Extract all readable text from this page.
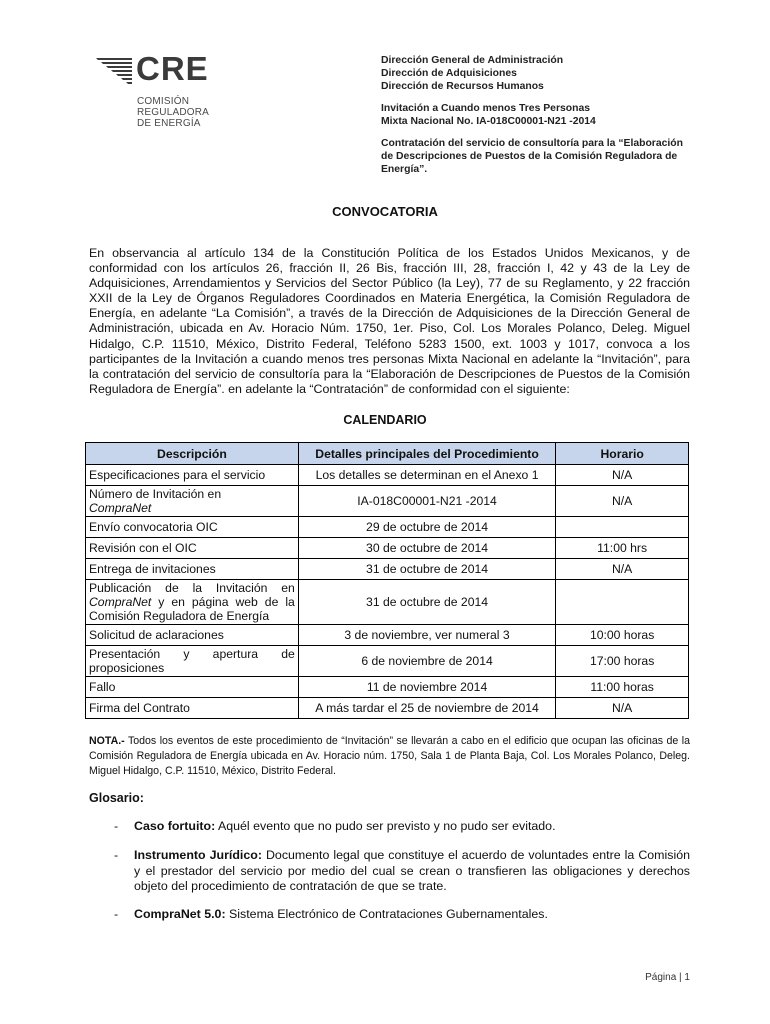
CRE
COMISIÓN
REGULADORA
DE ENERGÍA
Dirección General de Administración
Dirección de Adquisiciones
Dirección de Recursos Humanos
Invitación a Cuando menos Tres Personas
Mixta Nacional No. IA-018C00001-N21 -2014
Contratación del servicio de consultoría para la “Elaboración
de Descripciones de Puestos de la Comisión Reguladora de
Energía”.
CONVOCATORIA
En observancia al artículo 134 de la Constitución Política de los Estados Unidos Mexicanos, y de conformidad con los artículos 26, fracción II, 26 Bis, fracción III, 28, fracción I, 42 y 43 de la Ley de Adquisiciones, Arrendamientos y Servicios del Sector Público (la Ley), 77 de su Reglamento, y 22 fracción XXII de la Ley de Órganos Reguladores Coordinados en Materia Energética, la Comisión Reguladora de Energía, en adelante “La Comisión”, a través de la Dirección de Adquisiciones de la Dirección General de Administración, ubicada en Av. Horacio Núm. 1750, 1er. Piso, Col. Los Morales Polanco, Deleg. Miguel Hidalgo, C.P. 11510, México, Distrito Federal, Teléfono 5283 1500, ext. 1003 y 1017, convoca a los participantes de la Invitación a cuando menos tres personas Mixta Nacional en adelante la “Invitación”, para la contratación del servicio de consultoría para la “Elaboración de Descripciones de Puestos de la Comisión Reguladora de Energía”. en adelante la “Contratación” de conformidad con el siguiente:
CALENDARIO
Descripción	Detalles principales del Procedimiento	Horario
Especificaciones para el servicio	Los detalles se determinan en el Anexo 1	N/A
Número de Invitación en
CompraNet	IA-018C00001-N21 -2014	N/A
Envío convocatoria OIC	29 de octubre de 2014	
Revisión con el OIC	30 de octubre de 2014	11:00 hrs
Entrega de invitaciones	31 de octubre de 2014	N/A
Publicación de la Invitación en CompraNet y en página web de la Comisión Reguladora de Energía	31 de octubre de 2014	
Solicitud de aclaraciones	3 de noviembre, ver numeral 3	10:00 horas
Presentación y apertura de proposiciones	6 de noviembre de 2014	17:00 horas
Fallo	11 de noviembre 2014	11:00 horas
Firma del Contrato	A más tardar el 25 de noviembre de 2014	N/A
NOTA.- Todos los eventos de este procedimiento de “Invitación” se llevarán a cabo en el edificio que ocupan las oficinas de la Comisión Reguladora de Energía ubicada en Av. Horacio núm. 1750, Sala 1 de Planta Baja, Col. Los Morales Polanco, Deleg. Miguel Hidalgo, C.P. 11510, México, Distrito Federal.
Glosario:
- Caso fortuito: Aquél evento que no pudo ser previsto y no pudo ser evitado.
- Instrumento Jurídico: Documento legal que constituye el acuerdo de voluntades entre la Comisión y el prestador del servicio por medio del cual se crean o transfieren las obligaciones y derechos objeto del procedimiento de contratación de que se trate.
- CompraNet 5.0: Sistema Electrónico de Contrataciones Gubernamentales.
Página | 1
